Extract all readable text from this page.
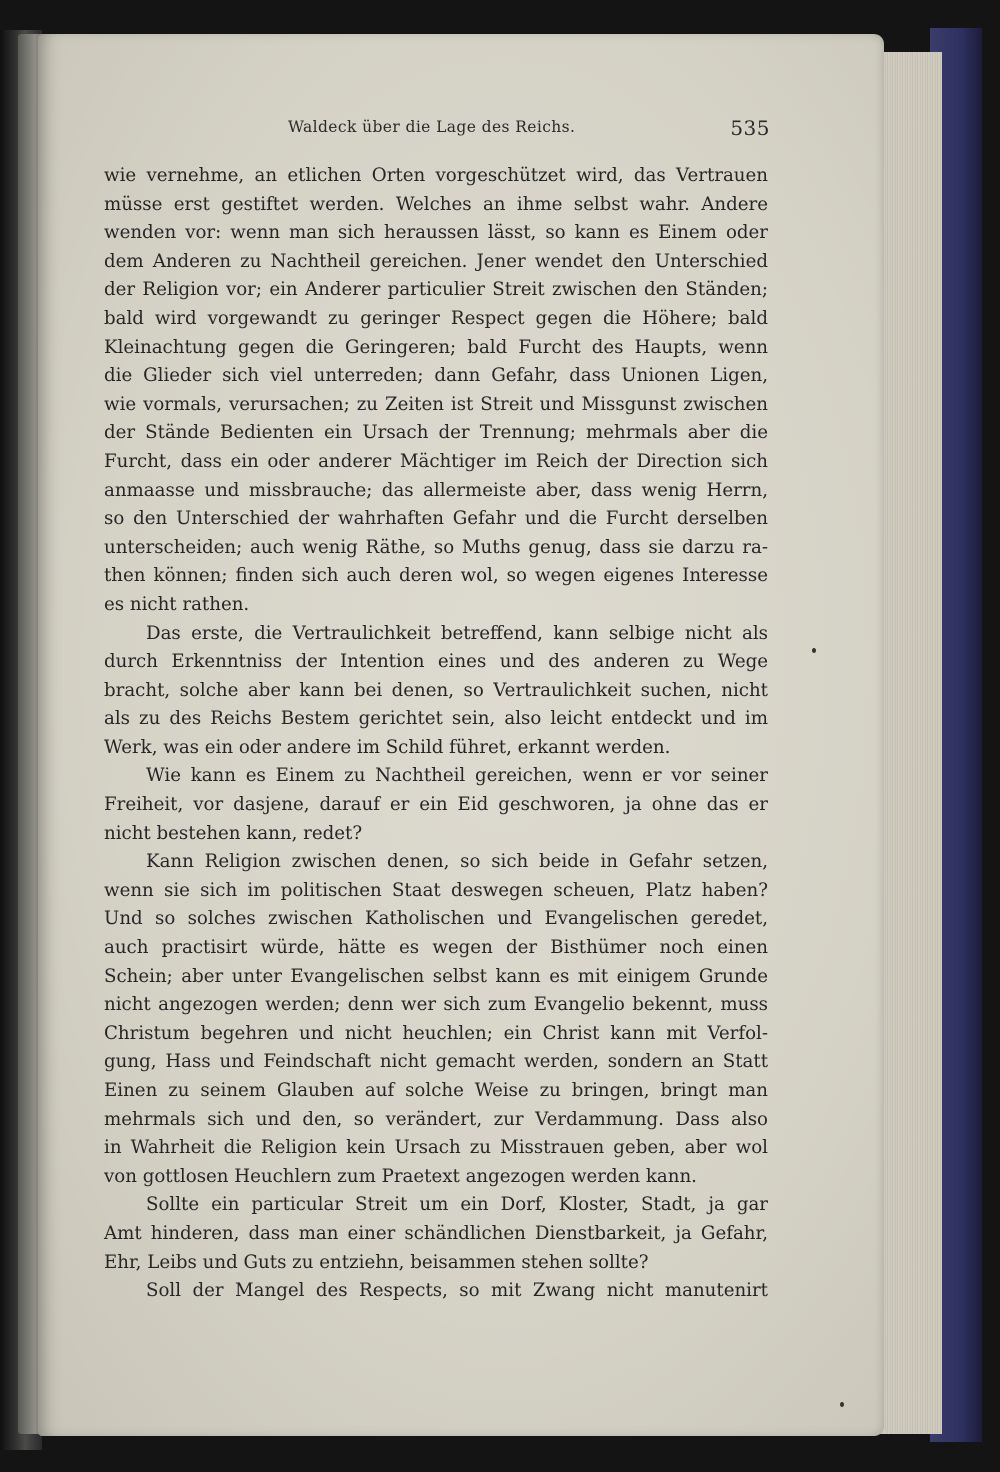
Waldeck über die Lage des Reichs.	535
wie vernehme, an etlichen Orten vorgeschützet wird, das Vertrauen
müsse erst gestiftet werden. Welches an ihme selbst wahr. Andere
wenden vor: wenn man sich heraussen lässt, so kann es Einem oder
dem Anderen zu Nachtheil gereichen. Jener wendet den Unterschied
der Religion vor; ein Anderer particulier Streit zwischen den Ständen;
bald wird vorgewandt zu geringer Respect gegen die Höhere; bald
Kleinachtung gegen die Geringeren; bald Furcht des Haupts, wenn
die Glieder sich viel unterreden; dann Gefahr, dass Unionen Ligen,
wie vormals, verursachen; zu Zeiten ist Streit und Missgunst zwischen
der Stände Bedienten ein Ursach der Trennung; mehrmals aber die
Furcht, dass ein oder anderer Mächtiger im Reich der Direction sich
anmaasse und missbrauche; das allermeiste aber, dass wenig Herrn,
so den Unterschied der wahrhaften Gefahr und die Furcht derselben
unterscheiden; auch wenig Räthe, so Muths genug, dass sie darzu ra-
then können; finden sich auch deren wol, so wegen eigenes Interesse
es nicht rathen.
Das erste, die Vertraulichkeit betreffend, kann selbige nicht als
durch Erkenntniss der Intention eines und des anderen zu Wege
bracht, solche aber kann bei denen, so Vertraulichkeit suchen, nicht
als zu des Reichs Bestem gerichtet sein, also leicht entdeckt und im
Werk, was ein oder andere im Schild führet, erkannt werden.
Wie kann es Einem zu Nachtheil gereichen, wenn er vor seiner
Freiheit, vor dasjene, darauf er ein Eid geschworen, ja ohne das er
nicht bestehen kann, redet?
Kann Religion zwischen denen, so sich beide in Gefahr setzen,
wenn sie sich im politischen Staat deswegen scheuen, Platz haben?
Und so solches zwischen Katholischen und Evangelischen geredet,
auch practisirt würde, hätte es wegen der Bisthümer noch einen
Schein; aber unter Evangelischen selbst kann es mit einigem Grunde
nicht angezogen werden; denn wer sich zum Evangelio bekennt, muss
Christum begehren und nicht heuchlen; ein Christ kann mit Verfol-
gung, Hass und Feindschaft nicht gemacht werden, sondern an Statt
Einen zu seinem Glauben auf solche Weise zu bringen, bringt man
mehrmals sich und den, so verändert, zur Verdammung. Dass also
in Wahrheit die Religion kein Ursach zu Misstrauen geben, aber wol
von gottlosen Heuchlern zum Praetext angezogen werden kann.
Sollte ein particular Streit um ein Dorf, Kloster, Stadt, ja gar
Amt hinderen, dass man einer schändlichen Dienstbarkeit, ja Gefahr,
Ehr, Leibs und Guts zu entziehn, beisammen stehen sollte?
Soll der Mangel des Respects, so mit Zwang nicht manutenirt
